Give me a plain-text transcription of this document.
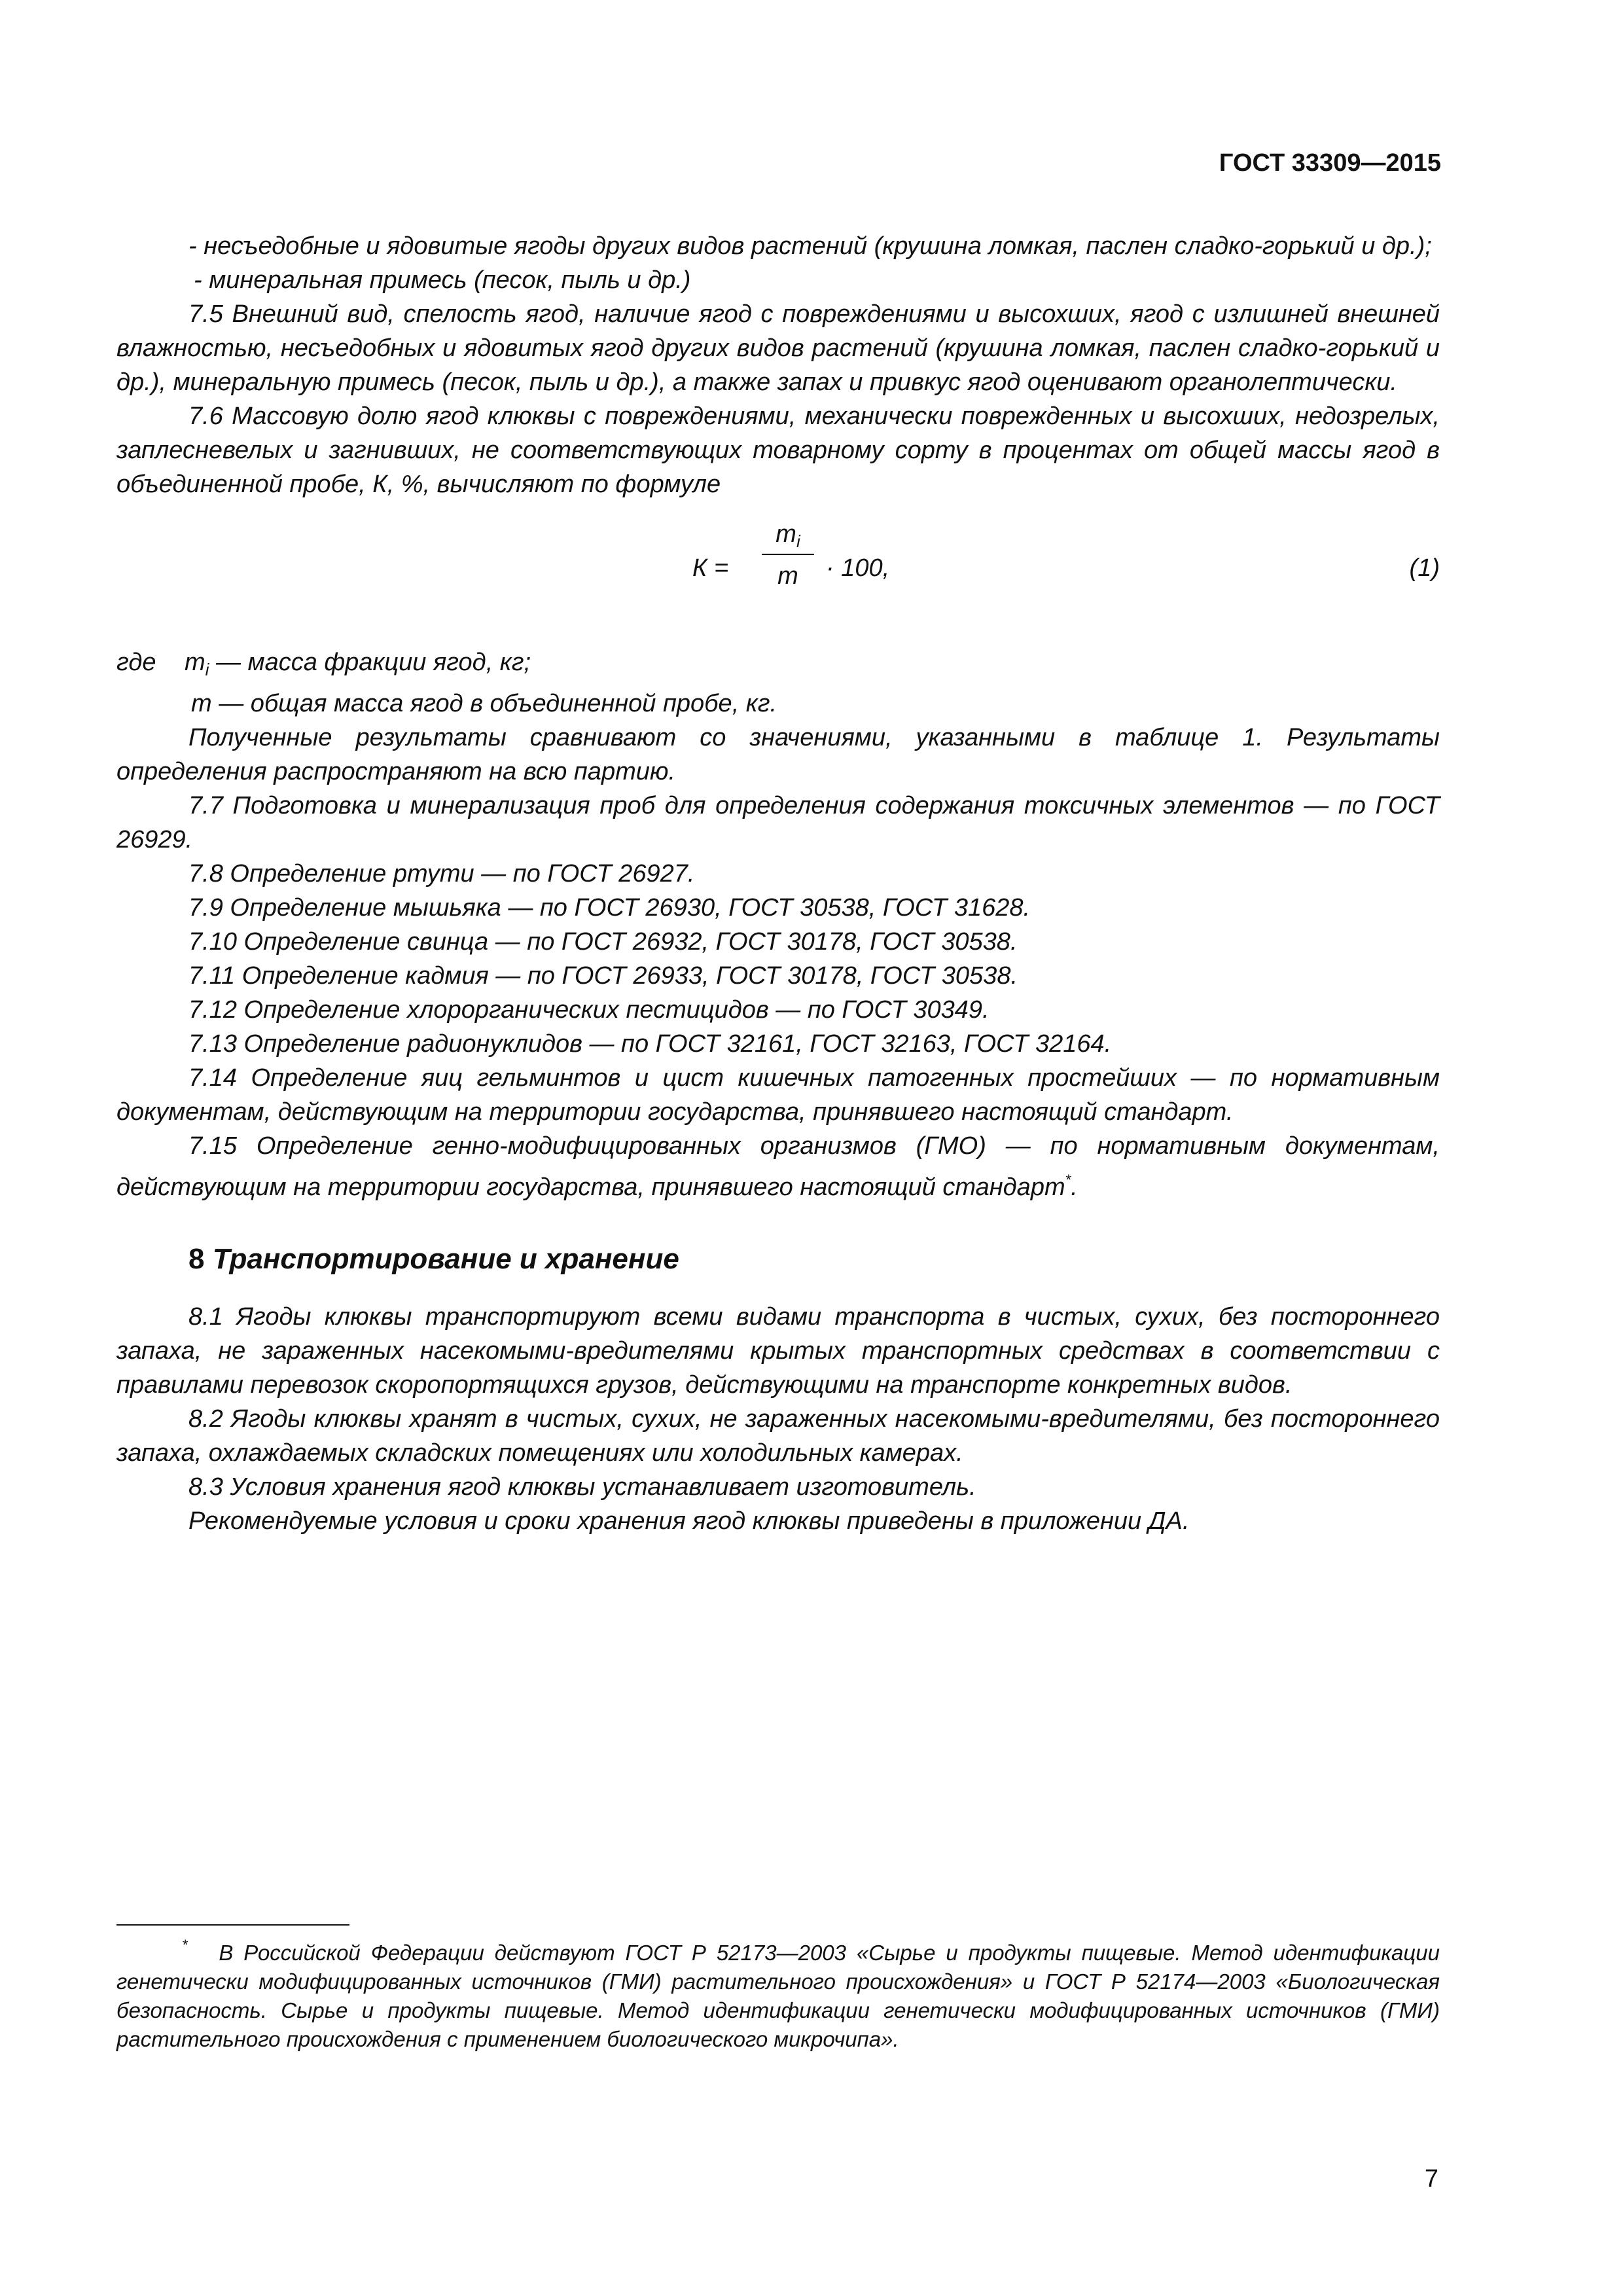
ГОСТ 33309—2015

- несъедобные и ядовитые ягоды других видов растений (крушина ломкая, паслен сладко-горький и др.);

- минеральная примесь (песок, пыль и др.)

7.5 Внешний вид, спелость ягод, наличие ягод с повреждениями и высохших, ягод с излишней внешней влажностью, несъедобных и ядовитых ягод других видов растений (крушина ломкая, паслен сладко-горький и др.), минеральную примесь (песок, пыль и др.), а также запах и привкус ягод оценивают органолептически.

7.6 Массовую долю ягод клюквы с повреждениями, механически поврежденных и высохших, недозрелых, заплесневелых и загнивших, не соответствующих товарному сорту в процентах от общей массы ягод в объединенной пробе, К, %, вычисляют по формуле

К =
$m_i$
m	· 100,	(1)

где $m_i$ — масса фракции ягод, кг;

m — общая масса ягод в объединенной пробе, кг.

Полученные результаты сравнивают со значениями, указанными в таблице 1. Результаты определения распространяют на всю партию.

7.7 Подготовка и минерализация проб для определения содержания токсичных элементов — по ГОСТ 26929.

7.8 Определение ртути — по ГОСТ 26927.

7.9 Определение мышьяка — по ГОСТ 26930, ГОСТ 30538, ГОСТ 31628.

7.10 Определение свинца — по ГОСТ 26932, ГОСТ 30178, ГОСТ 30538.

7.11 Определение кадмия — по ГОСТ 26933, ГОСТ 30178, ГОСТ 30538.

7.12 Определение хлорорганических пестицидов — по ГОСТ 30349.

7.13 Определение радионуклидов — по ГОСТ 32161, ГОСТ 32163, ГОСТ 32164.

7.14 Определение яиц гельминтов и цист кишечных патогенных простейших — по нормативным документам, действующим на территории государства, принявшего настоящий стандарт.

7.15 Определение генно-модифицированных организмов (ГМО) — по нормативным документам, действующим на территории государства, принявшего настоящий стандарт*.

8 Транспортирование и хранение

8.1 Ягоды клюквы транспортируют всеми видами транспорта в чистых, сухих, без постороннего запаха, не зараженных насекомыми-вредителями крытых транспортных средствах в соответствии с правилами перевозок скоропортящихся грузов, действующими на транспорте конкретных видов.

8.2 Ягоды клюквы хранят в чистых, сухих, не зараженных насекомыми-вредителями, без постороннего запаха, охлаждаемых складских помещениях или холодильных камерах.

8.3 Условия хранения ягод клюквы устанавливает изготовитель.

Рекомендуемые условия и сроки хранения ягод клюквы приведены в приложении ДА.

* В Российской Федерации действуют ГОСТ Р 52173—2003 «Сырье и продукты пищевые. Метод идентификации генетически модифицированных источников (ГМИ) растительного происхождения» и ГОСТ Р 52174—2003 «Биологическая безопасность. Сырье и продукты пищевые. Метод идентификации генетически модифицированных источников (ГМИ) растительного происхождения с применением биологического микрочипа».
7
